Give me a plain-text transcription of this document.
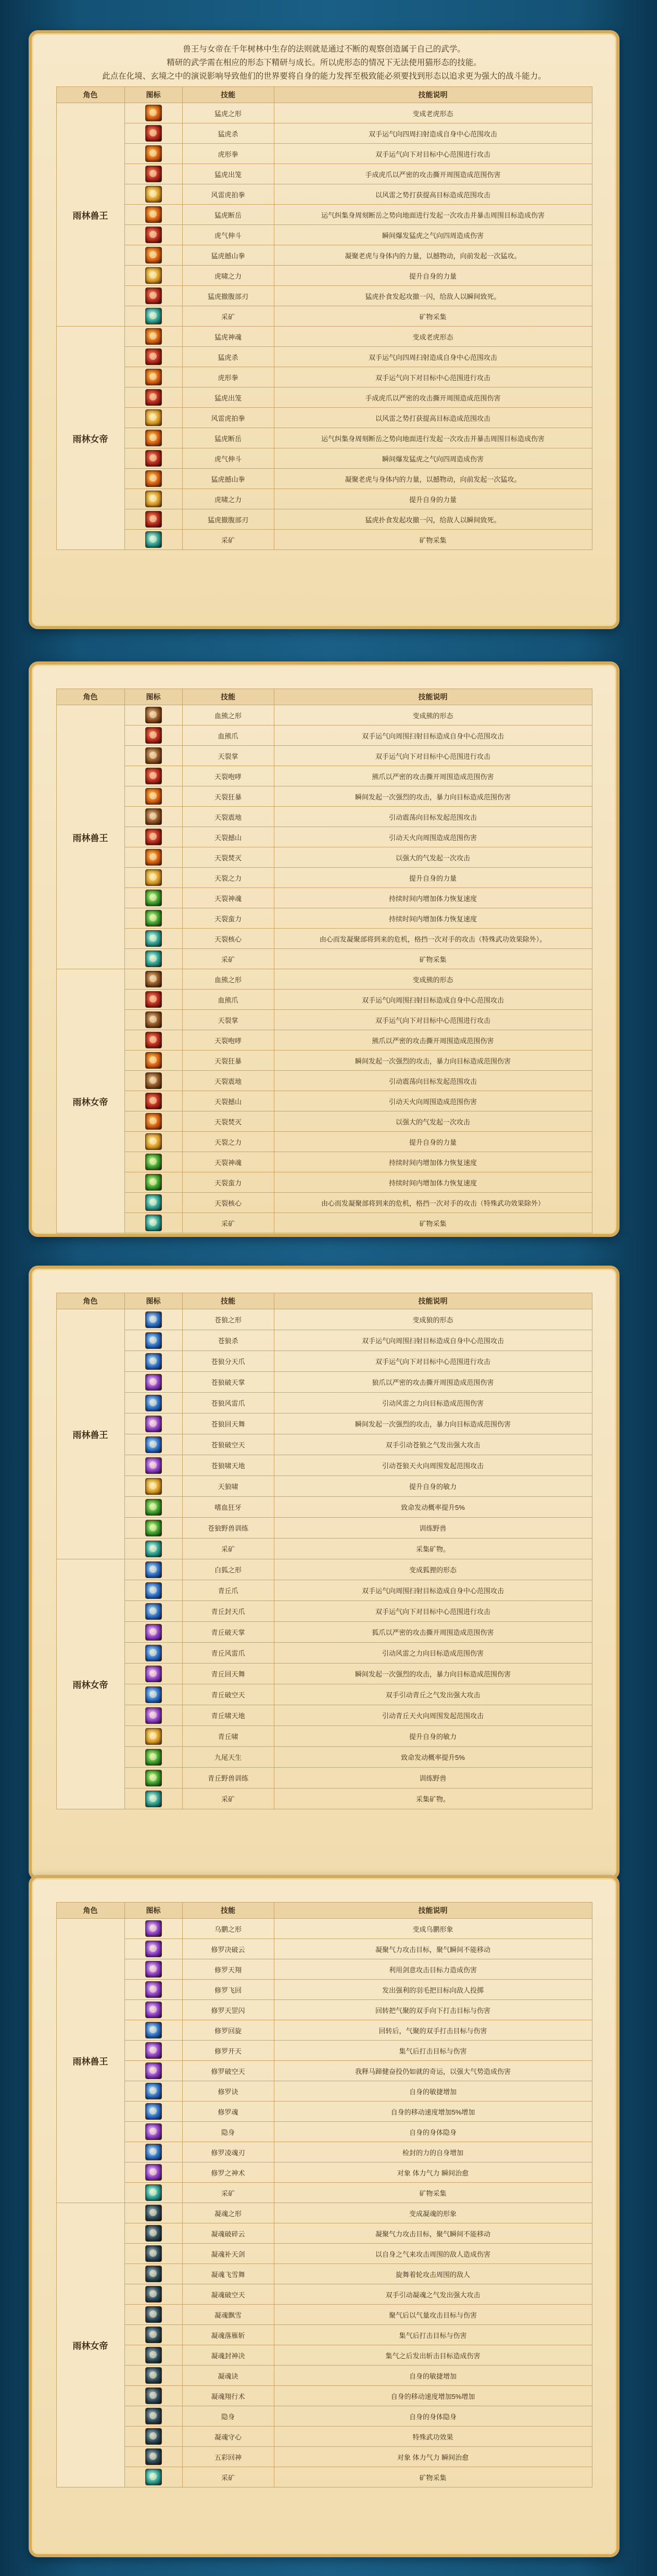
兽王与女帝在千年树林中生存的法则就是通过不断的观察创造属于自己的武学。
精研的武学需在相应的形态下精研与成长。所以虎形态的情况下无法使用猫形态的技能。
此点在化境、玄境之中的演说影响导致他们的世界要将自身的能力发挥至极致能必须要找到形态以追求更为强大的战斗能力。
角色	图标	技能	技能说明
雨林兽王		猛虎之形	变成老虎形态
		猛虎杀	双手运气向四周扫射造成自身中心范围攻击
		虎形拳	双手运气向下对目标中心范围进行攻击
		猛虎出笼	手成虎爪以严密的攻击撕开周围造成范围伤害
		风雷虎拍拳	以风雷之势打获提高目标造成范围攻击
		猛虎断岳	运气纠集身周刻断岳之势向地面进行发起一次攻击并暴击周围目标造成伤害
		虎气伸斗	瞬间爆发猛虎之气向四周造成伤害
		猛虎撼山拳	凝聚老虎与身体内的力量，以撼物动，向前发起一次猛攻。
		虎啸之力	提升自身的力量
		猛虎撤腹部刃	猛虎扑食发起攻撤一闪，给敌人以瞬间致死。
		采矿	矿物采集
雨林女帝		猛虎神魂	变成老虎形态
		猛虎杀	双手运气向四周扫射造成自身中心范围攻击
		虎形拳	双手运气向下对目标中心范围进行攻击
		猛虎出笼	手成虎爪以严密的攻击撕开周围造成范围伤害
		风雷虎拍拳	以风雷之势打获提高目标造成范围攻击
		猛虎断岳	运气纠集身周刻断岳之势向地面进行发起一次攻击并暴击周围目标造成伤害
		虎气伸斗	瞬间爆发猛虎之气向四周造成伤害
		猛虎撼山拳	凝聚老虎与身体内的力量，以撼物动，向前发起一次猛攻。
		虎啸之力	提升自身的力量
		猛虎撤腹部刃	猛虎扑食发起攻撤一闪，给敌人以瞬间致死。
		采矿	矿物采集
角色	图标	技能	技能说明
雨林兽王		血熊之形	变成熊的形态
		血熊爪	双手运气向周围扫射目标造成自身中心范围攻击
		天裂掌	双手运气向下对目标中心范围进行攻击
		天裂咆哮	熊爪以严密的攻击撕开周围造成范围伤害
		天裂狂暴	瞬间发起一次强烈的攻击，暴力向目标造成范围伤害
		天裂震地	引动震荡向目标发起范围攻击
		天裂撼山	引动天火向周围造成范围伤害
		天裂焚灭	以强大的气发起一次攻击
		天裂之力	提升自身的力量
		天裂神魂	持续时间内增加体力恢复速度
		天裂蛮力	持续时间内增加体力恢复速度
		天裂核心	由心而发凝聚部将到来的危机，格挡一次对手的攻击（特殊武功效果除外）。
		采矿	矿物采集
雨林女帝		血熊之形	变成熊的形态
		血熊爪	双手运气向周围扫射目标造成自身中心范围攻击
		天裂掌	双手运气向下对目标中心范围进行攻击
		天裂咆哮	熊爪以严密的攻击撕开周围造成范围伤害
		天裂狂暴	瞬间发起一次强烈的攻击，暴力向目标造成范围伤害
		天裂震地	引动震荡向目标发起范围攻击
		天裂撼山	引动天火向周围造成范围伤害
		天裂焚灭	以强大的气发起一次攻击
		天裂之力	提升自身的力量
		天裂神魂	持续时间内增加体力恢复速度
		天裂蛮力	持续时间内增加体力恢复速度
		天裂核心	由心而发凝聚部将到来的危机，格挡一次对手的攻击（特殊武功效果除外）
		采矿	矿物采集
角色	图标	技能	技能说明
雨林兽王		苍狼之形	变成狼的形态
		苍狼杀	双手运气向周围扫射目标造成自身中心范围攻击
		苍狼分天爪	双手运气向下对目标中心范围进行攻击
		苍狼破天掌	狼爪以严密的攻击撕开周围造成范围伤害
		苍狼风雷爪	引动风雷之力向目标造成范围伤害
		苍狼回天舞	瞬间发起一次强烈的攻击，暴力向目标造成范围伤害
		苍狼破空天	双手引动苍狼之气发出强大攻击
		苍狼啸天地	引动苍狼天火向周围发起范围攻击
		天狼啸	提升自身的敏力
		嗜血狂牙	致命发动概率提升5%
		苍狼野兽训练	训练野兽
		采矿	采集矿物。
雨林女帝		白狐之形	变成狐狸的形态
		青丘爪	双手运气向周围扫射目标造成自身中心范围攻击
		青丘封天爪	双手运气向下对目标中心范围进行攻击
		青丘破天掌	狐爪以严密的攻击撕开周围造成范围伤害
		青丘风雷爪	引动风雷之力向目标造成范围伤害
		青丘回天舞	瞬间发起一次强烈的攻击，暴力向目标造成范围伤害
		青丘破空天	双手引动青丘之气发出强大攻击
		青丘啸天地	引动青丘天火向周围发起范围攻击
		青丘啸	提升自身的敏力
		九尾天生	致命发动概率提升5%
		青丘野兽训练	训练野兽
		采矿	采集矿物。
角色	图标	技能	技能说明
雨林兽王		乌鹏之形	变成乌鹏形象
		修罗决破云	凝聚气力攻击目标，聚气瞬间不能移动
		修罗天翔	利用剑意攻击目标力造成伤害
		修罗飞回	发出强利的羽毛把目标向敌人投掷
		修罗天罡闪	回转把气聚的双手向下打击目标与伤害
		修罗回旋	回转后，气聚的双手打击目标与伤害
		修罗开天	集气后打击目标与伤害
		修罗破空天	我释马蹄健奋投仍如就的奇运，以强大气势造成伤害
		修罗诀	自身的敏捷增加
		修罗魂	自身的移动速度增加5%增加
		隐身	自身的身体隐身
		修罗凌魂刃	检封的力的自身增加
		修罗之神术	对象 体力气力 瞬间治愈
		采矿	矿物采集
雨林女帝		凝魂之形	变成凝魂的形象
		凝魂破碎云	凝聚气力攻击目标，聚气瞬间不能移动
		凝魂补天剑	以自身之气来攻击周围的敌人造成伤害
		凝魂飞雪舞	旋舞着轮攻击周围的敌人
		凝魂破空天	双手引动凝魂之气发出强大攻击
		凝魂飘雪	聚气后以气量攻击目标与伤害
		凝魂落雁斩	集气后打击目标与伤害
		凝魂封神决	集气之后发出斩击目标造成伤害
		凝魂诀	自身的敏捷增加
		凝魂翔行术	自身的移动速度增加5%增加
		隐身	自身的身体隐身
		凝魂守心	特殊武功效果
		五彩回神	对象 体力气力 瞬间治愈
		采矿	矿物采集
